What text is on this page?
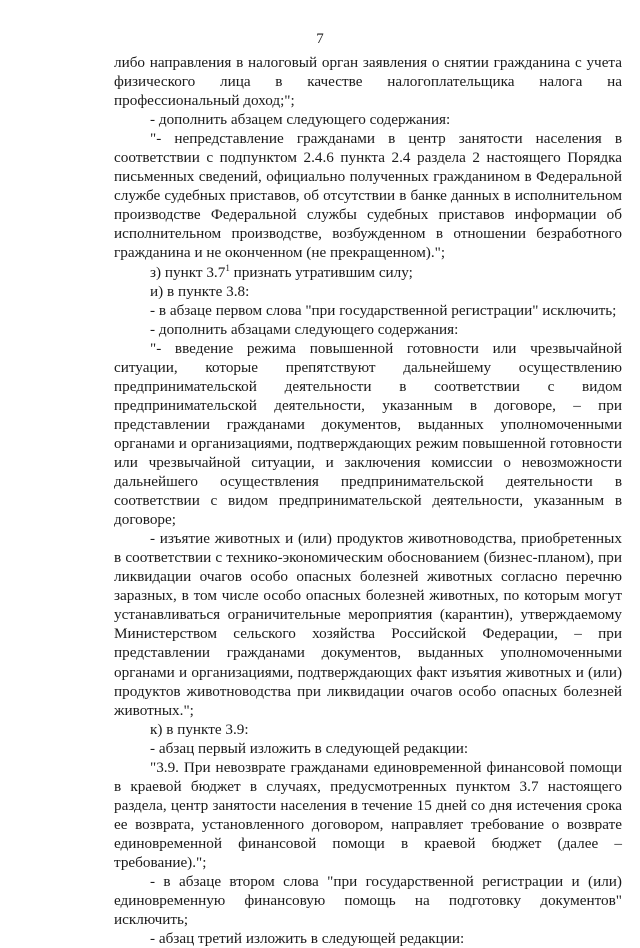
7

либо направления в налоговый орган заявления о снятии гражданина с учета физического лица в качестве налогоплательщика налога на профессиональный доход;";

- дополнить абзацем следующего содержания:

"- непредставление гражданами в центр занятости населения в соответствии с подпунктом 2.4.6 пункта 2.4 раздела 2 настоящего Порядка письменных сведений, официально полученных гражданином в Федеральной службе судебных приставов, об отсутствии в банке данных в исполнительном производстве Федеральной службы судебных приставов информации об исполнительном производстве, возбужденном в отношении безработного гражданина и не оконченном (не прекращенном).";

з) пункт $3.7^1$ признать утратившим силу;

и) в пункте 3.8:

- в абзаце первом слова "при государственной регистрации" исключить;

- дополнить абзацами следующего содержания:

"- введение режима повышенной готовности или чрезвычайной ситуации, которые препятствуют дальнейшему осуществлению предпринимательской деятельности в соответствии с видом предпринимательской деятельности, указанным в договоре, – при представлении гражданами документов, выданных уполномоченными органами и организациями, подтверждающих режим повышенной готовности или чрезвычайной ситуации, и заключения комиссии о невозможности дальнейшего осуществления предпринимательской деятельности в соответствии с видом предпринимательской деятельности, указанным в договоре;

- изъятие животных и (или) продуктов животноводства, приобретенных в соответствии с технико-экономическим обоснованием (бизнес-планом), при ликвидации очагов особо опасных болезней животных согласно перечню заразных, в том числе особо опасных болезней животных, по которым могут устанавливаться ограничительные мероприятия (карантин), утверждаемому Министерством сельского хозяйства Российской Федерации, – при представлении гражданами документов, выданных уполномоченными органами и организациями, подтверждающих факт изъятия животных и (или) продуктов животноводства при ликвидации очагов особо опасных болезней животных.";

к) в пункте 3.9:

- абзац первый изложить в следующей редакции:

"3.9. При невозврате гражданами единовременной финансовой помощи в краевой бюджет в случаях, предусмотренных пунктом 3.7 настоящего раздела, центр занятости населения в течение 15 дней со дня истечения срока ее возврата, установленного договором, направляет требование о возврате единовременной финансовой помощи в краевой бюджет (далее – требование).";

- в абзаце втором слова "при государственной регистрации и (или) единовременную финансовую помощь на подготовку документов" исключить;

- абзац третий изложить в следующей редакции:
